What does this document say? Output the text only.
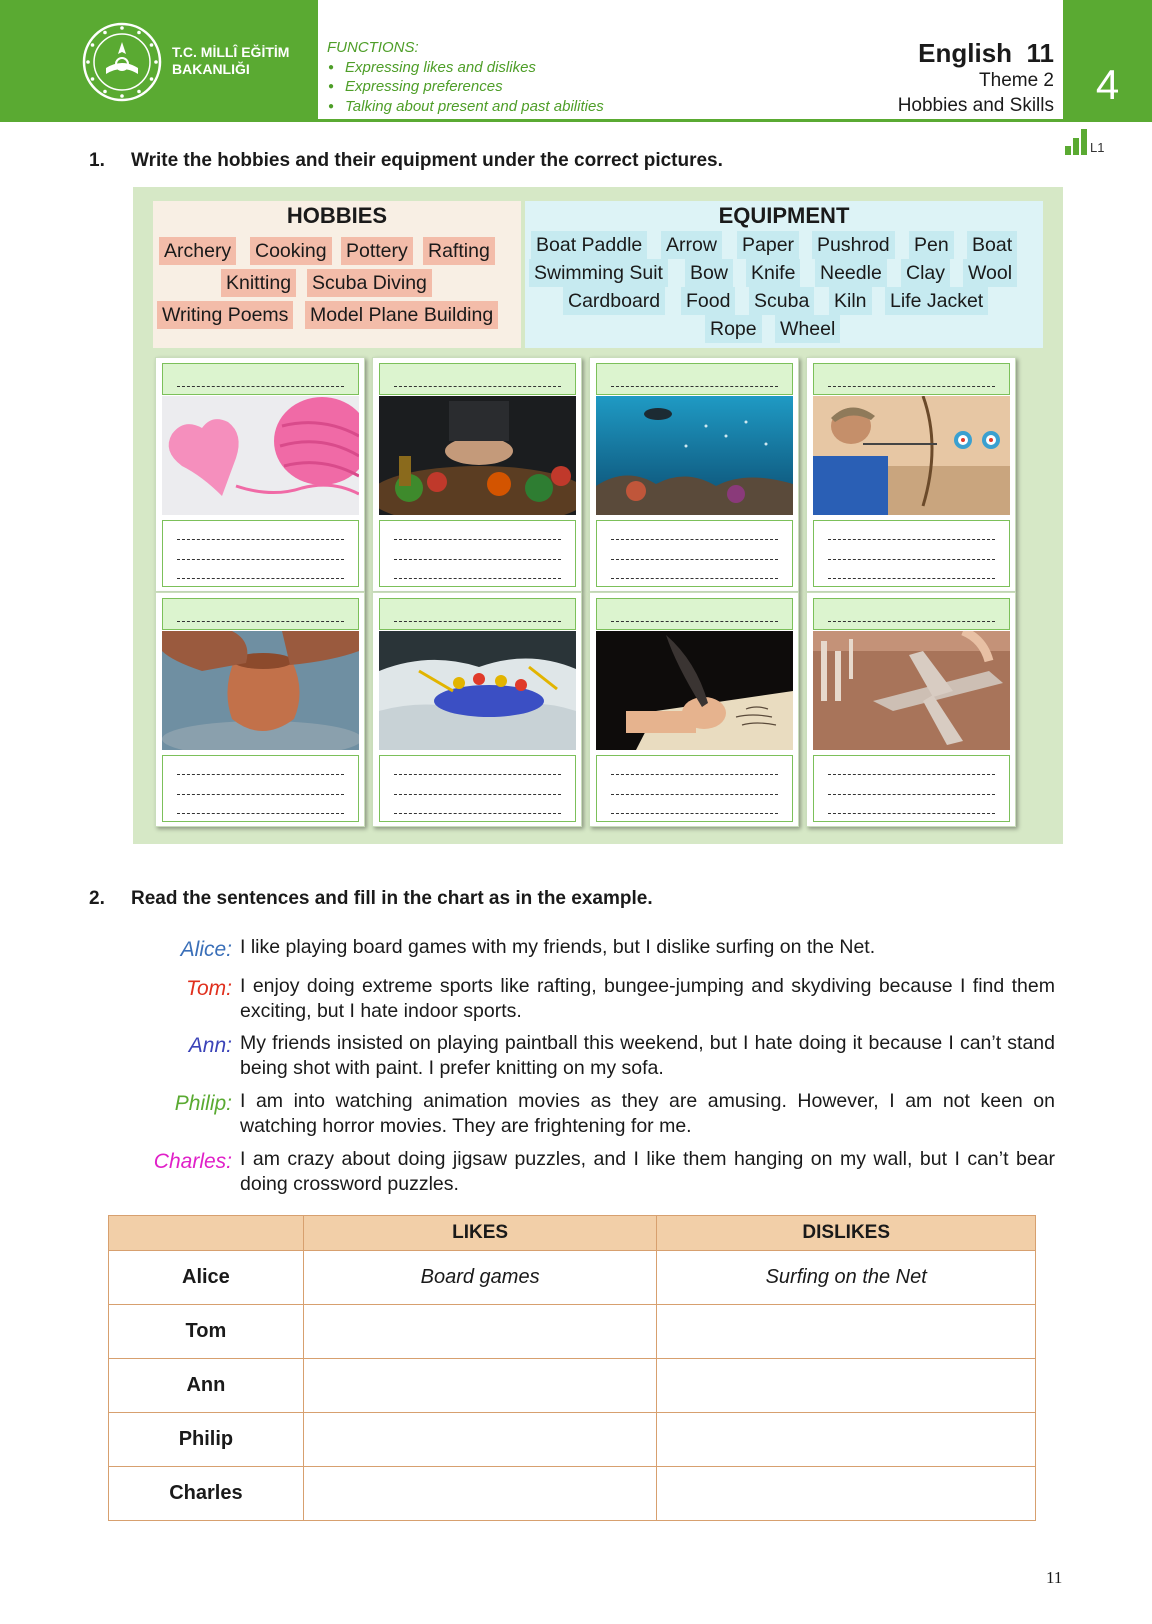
T.C. MİLLÎ EĞİTİM
BAKANLIĞI
FUNCTIONS:
● Expressing likes and dislikes
● Expressing preferences
● Talking about present and past abilities
English  11
Theme 2
Hobbies and Skills 4
L1
1. Write the hobbies and their equipment under the correct pictures.
HOBBIES
Archery Cooking Pottery Rafting
Knitting Scuba Diving
Writing Poems Model Plane Building
EQUIPMENT
Boat Paddle Arrow Paper Pushrod Pen Boat
Swimming Suit Bow Knife Needle Clay Wool
Cardboard Food Scuba Kiln Life Jacket
Rope Wheel
2. Read the sentences and fill in the chart as in the example.
Alice: I like playing board games with my friends, but I dislike surfing on the Net.
Tom: I enjoy doing extreme sports like rafting, bungee-jumping and skydiving because I find them exciting, but I hate indoor sports.
Ann: My friends insisted on playing paintball this weekend, but I hate doing it because I can’t stand being shot with paint. I prefer knitting on my sofa.
Philip: I am into watching animation movies as they are amusing. However, I am not keen on watching horror movies. They are frightening for me.
Charles: I am crazy about doing jigsaw puzzles, and I like them hanging on my wall, but I can’t bear doing crossword puzzles.
	LIKES	DISLIKES
Alice	Board games	Surfing on the Net
Tom		
Ann		
Philip		
Charles		
11
